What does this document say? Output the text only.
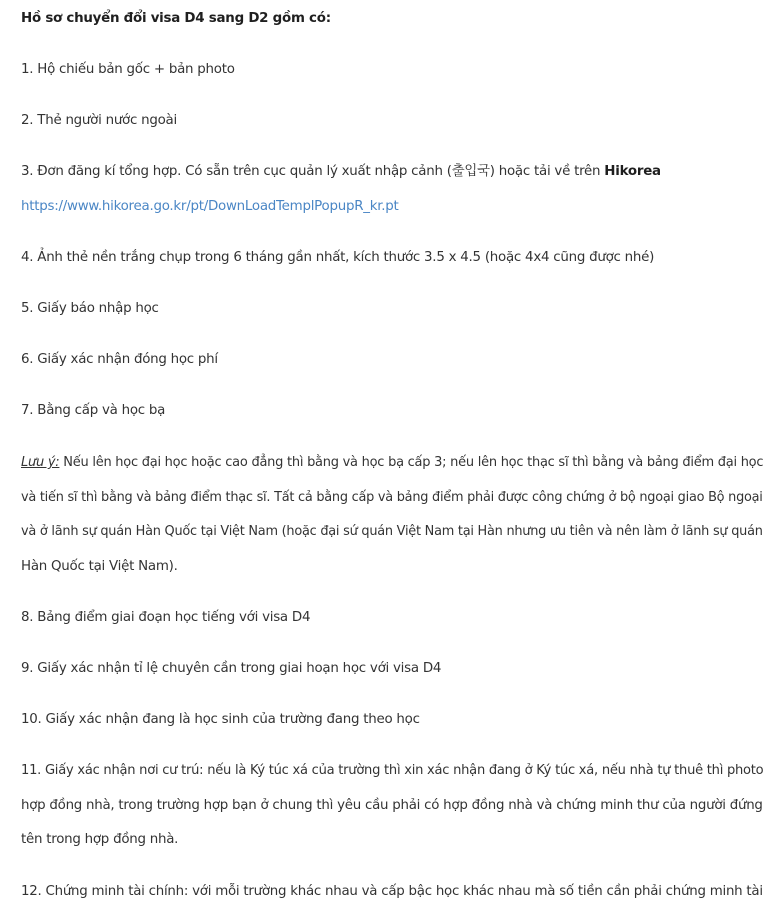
Hồ sơ chuyển đổi visa D4 sang D2 gồm có:
1. Hộ chiếu bản gốc + bản photo
2. Thẻ người nước ngoài
3. Đơn đăng kí tổng hợp. Có sẵn trên cục quản lý xuất nhập cảnh (출입국) hoặc tải về trên Hikorea
https://www.hikorea.go.kr/pt/DownLoadTemplPopupR_kr.pt
4. Ảnh thẻ nền trắng chụp trong 6 tháng gần nhất, kích thước 3.5 x 4.5 (hoặc 4x4 cũng được nhé)
5. Giấy báo nhập học
6. Giấy xác nhận đóng học phí
7. Bằng cấp và học bạ
Lưu ý: Nếu lên học đại học hoặc cao đẳng thì bằng và học bạ cấp 3; nếu lên học thạc sĩ thì bằng và bảng điểm đại học
và tiến sĩ thì bằng và bảng điểm thạc sĩ. Tất cả bằng cấp và bảng điểm phải được công chứng ở bộ ngoại giao Bộ ngoại
và ở lãnh sự quán Hàn Quốc tại Việt Nam (hoặc đại sứ quán Việt Nam tại Hàn nhưng ưu tiên và nên làm ở lãnh sự quán
Hàn Quốc tại Việt Nam).
8. Bảng điểm giai đoạn học tiếng với visa D4
9. Giấy xác nhận tỉ lệ chuyên cần trong giai hoạn học với visa D4
10. Giấy xác nhận đang là học sinh của trường đang theo học
11. Giấy xác nhận nơi cư trú: nếu là Ký túc xá của trường thì xin xác nhận đang ở Ký túc xá, nếu nhà tự thuê thì photo
hợp đồng nhà, trong trường hợp bạn ở chung thì yêu cầu phải có hợp đồng nhà và chứng minh thư của người đứng
tên trong hợp đồng nhà.
12. Chứng minh tài chính: với mỗi trường khác nhau và cấp bậc học khác nhau mà số tiền cần phải chứng minh tài
